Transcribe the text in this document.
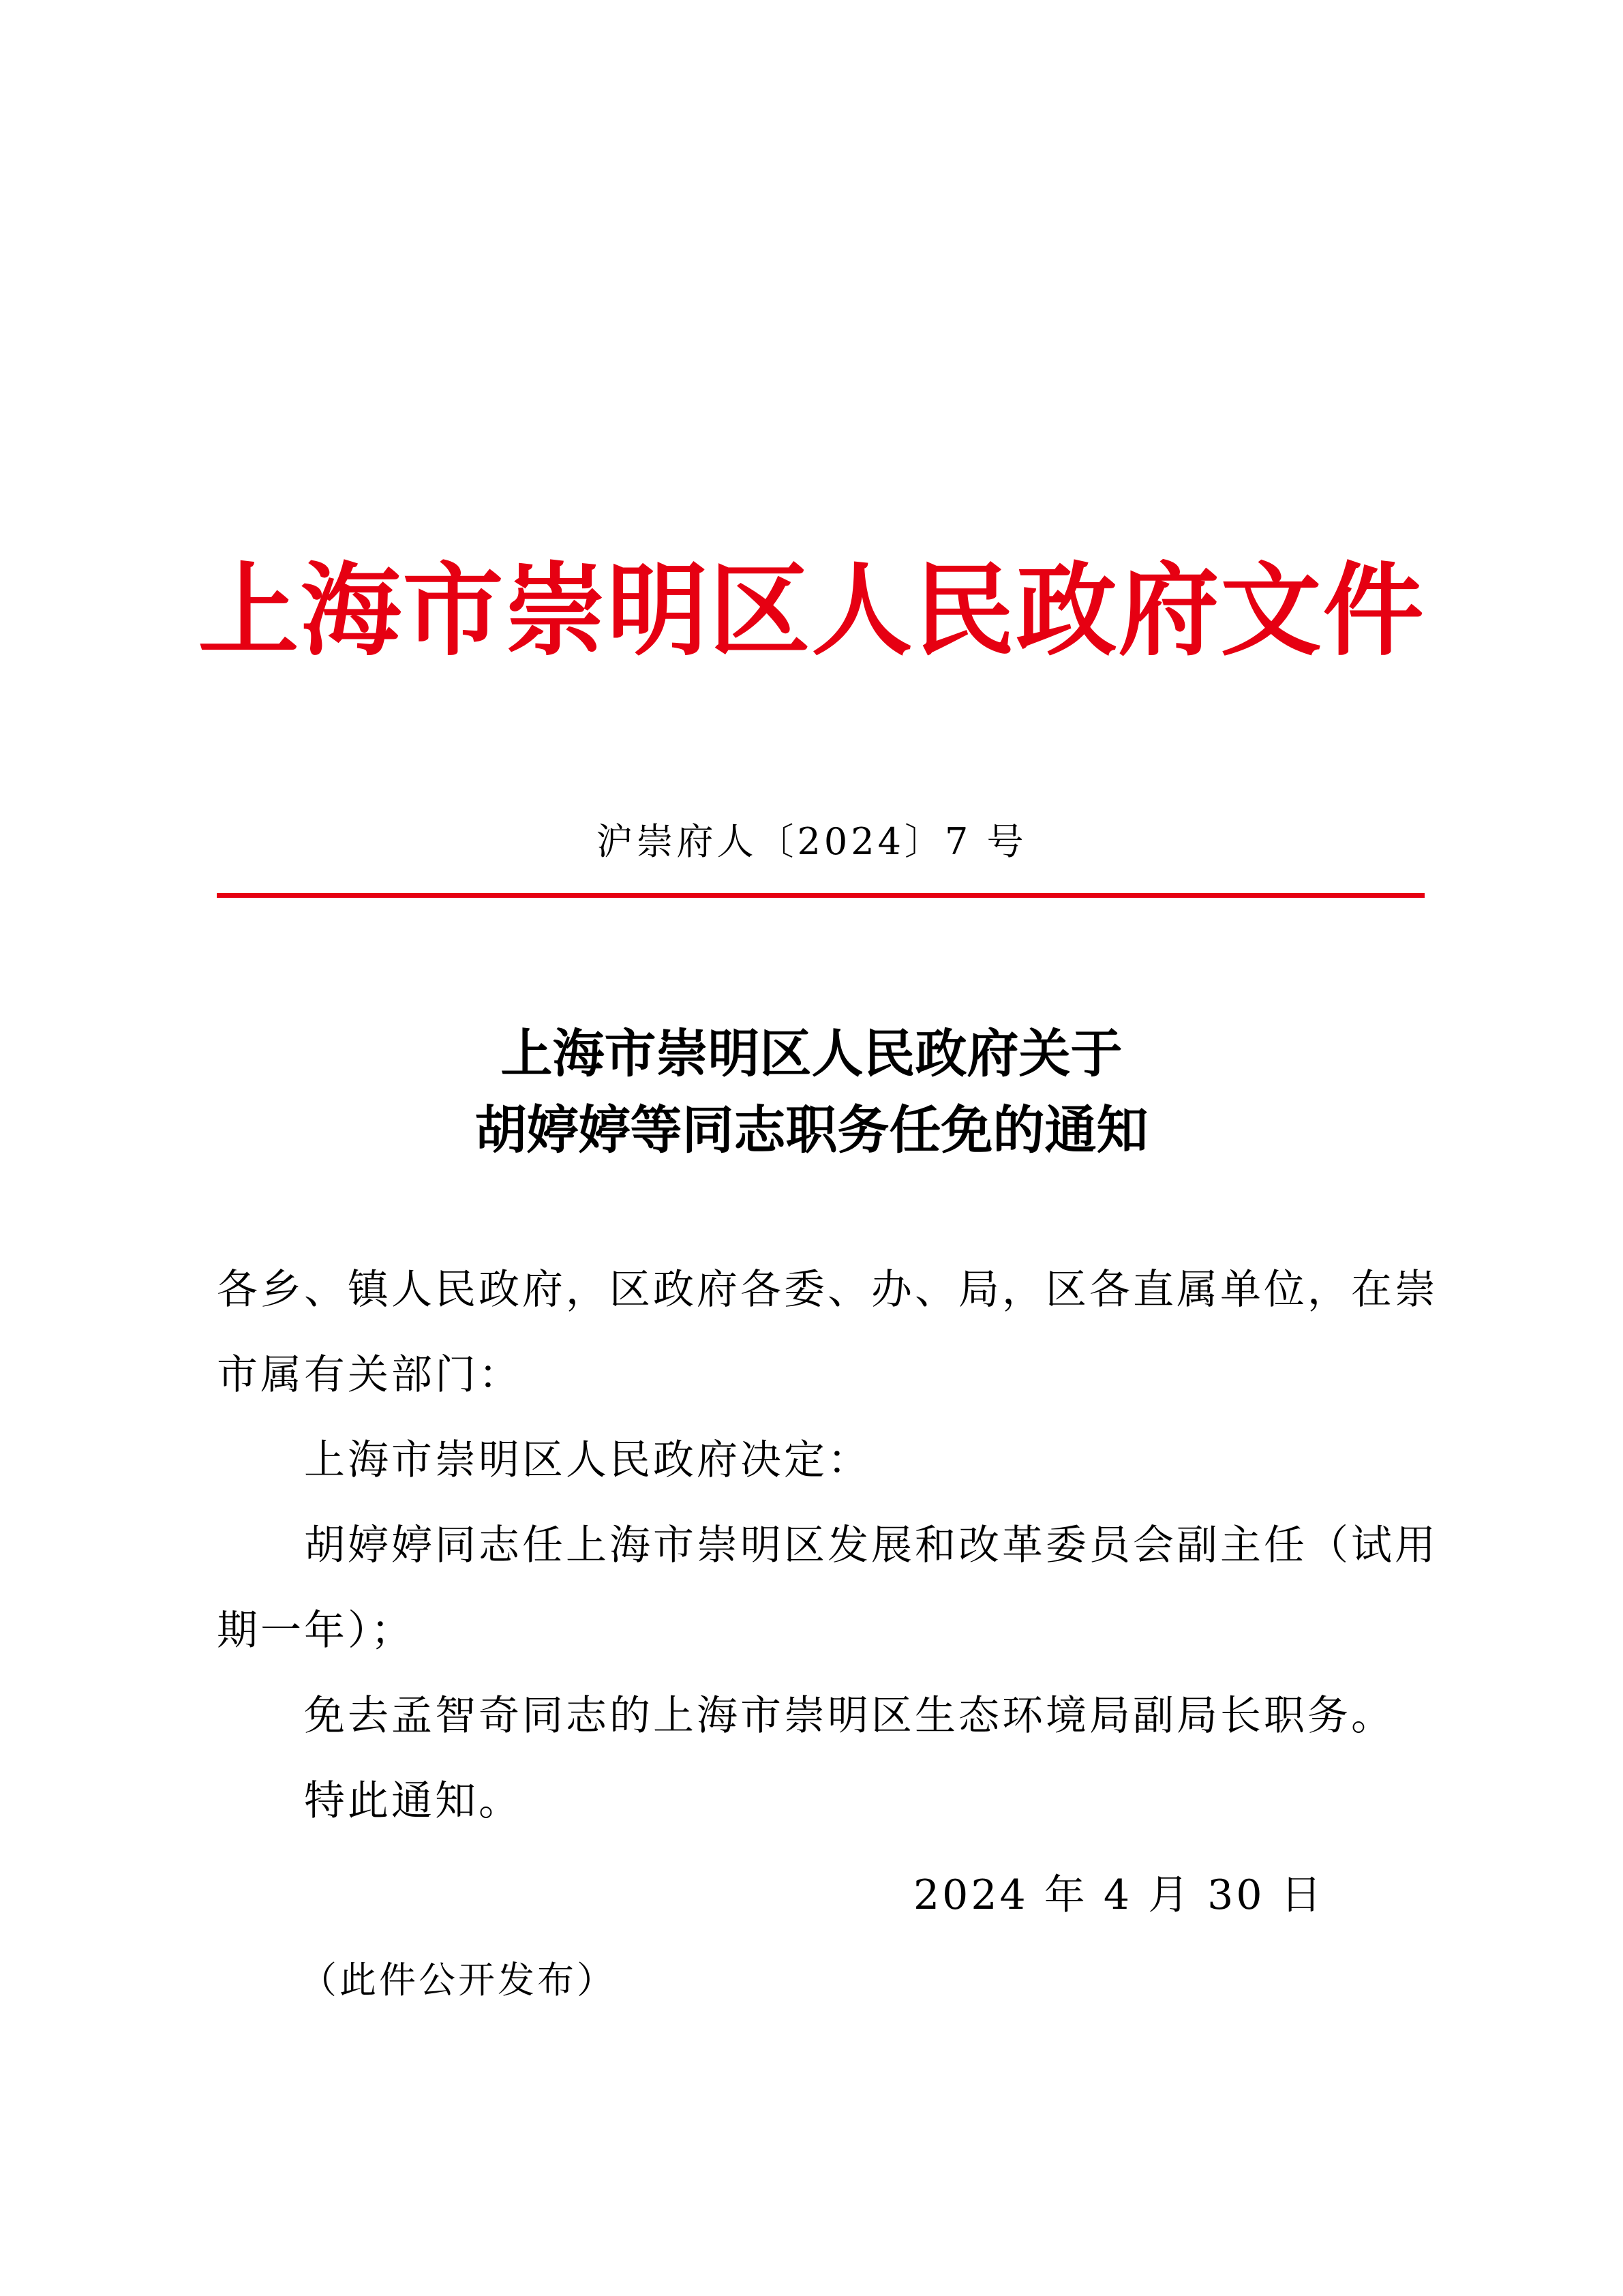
上海市崇明区人民政府文件
沪崇府人〔2024〕7 号
上海市崇明区人民政府关于
胡婷婷等同志职务任免的通知
各乡、镇人民政府，区政府各委、办、局，区各直属单位，在崇
市属有关部门：
上海市崇明区人民政府决定：
胡婷婷同志任上海市崇明区发展和改革委员会副主任（试用
期一年）；
免去孟智奇同志的上海市崇明区生态环境局副局长职务。
特此通知。
2024 年 4 月 30 日
（此件公开发布）
